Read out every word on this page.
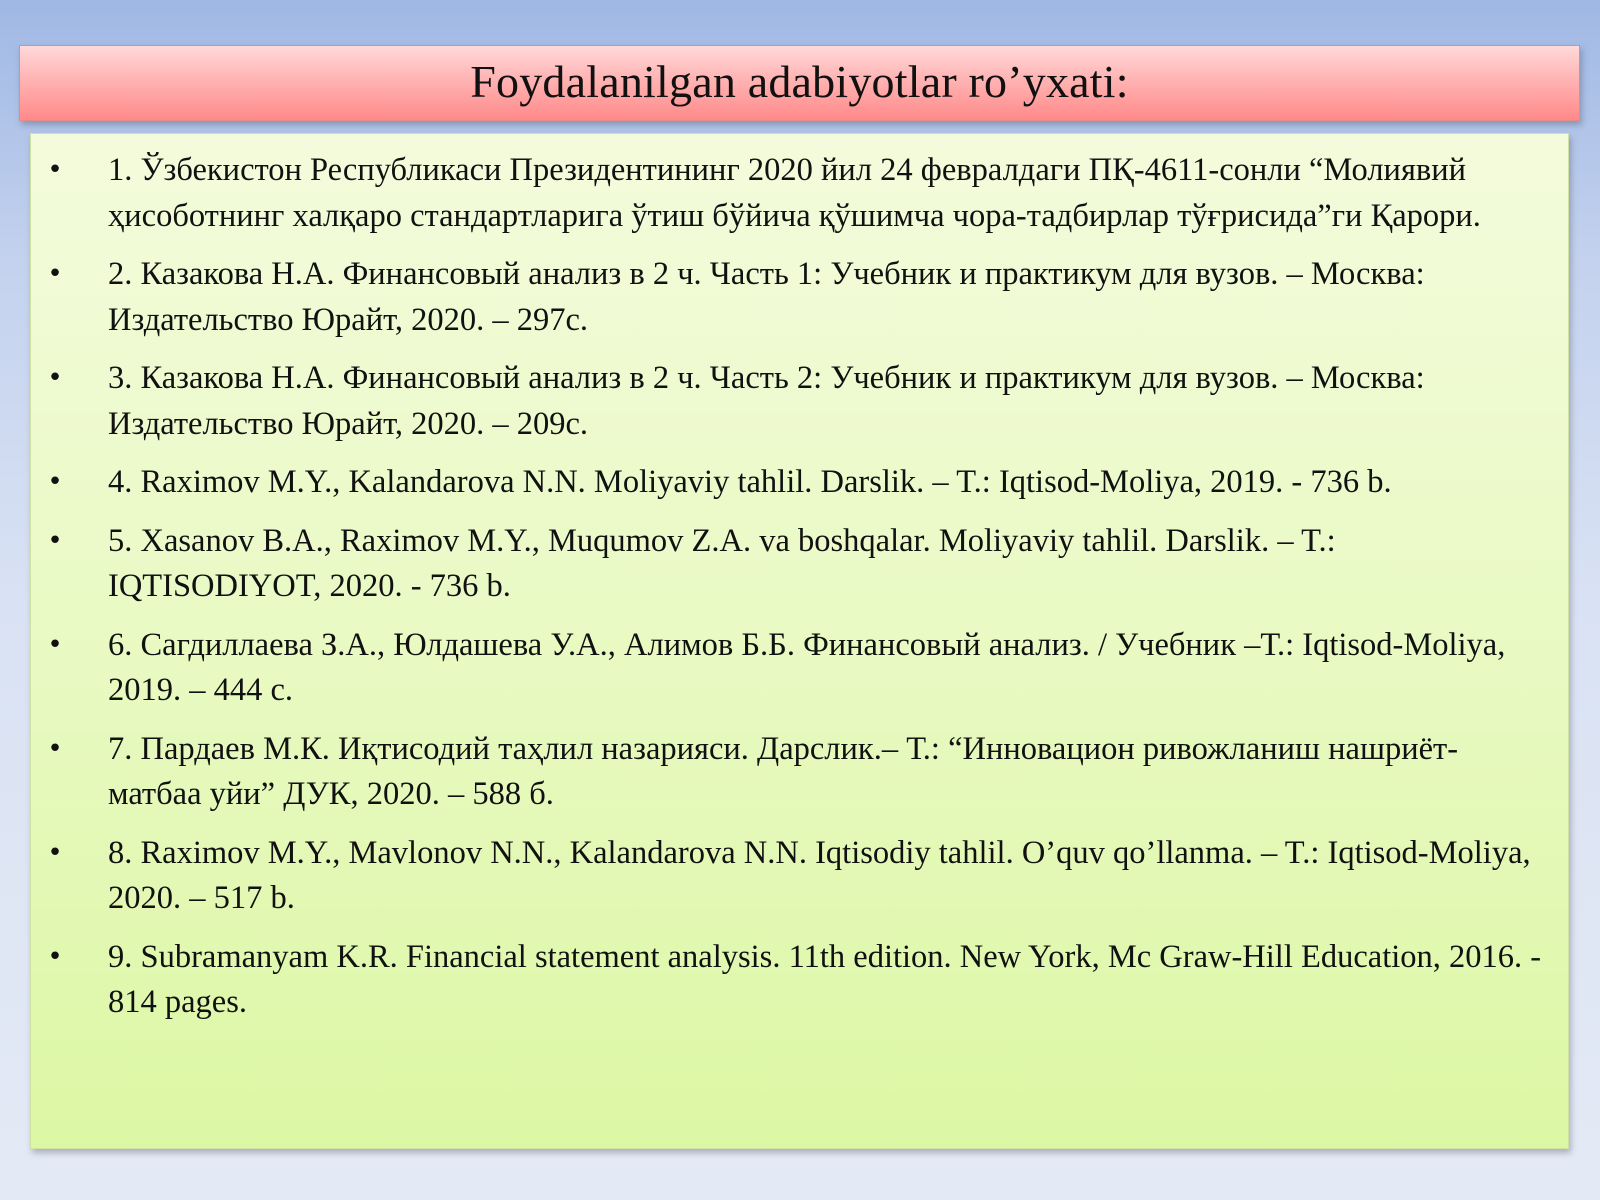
Foydalanilgan adabiyotlar ro’yxati:
• 1. Ўзбекистон Республикаси Президентининг 2020 йил 24 февралдаги ПҚ-4611-сонли “Молиявий ҳисоботнинг халқаро стандартларига ўтиш бўйича қўшимча чора-тадбирлар тўғрисида”ги Қарори.
• 2. Казакова Н.А. Финансовый анализ в 2 ч. Часть 1: Учебник и практикум для вузов. – Москва: Издательство Юрайт, 2020. – 297с.
• 3. Казакова Н.А. Финансовый анализ в 2 ч. Часть 2: Учебник и практикум для вузов. – Москва: Издательство Юрайт, 2020. – 209с.
• 4. Raximov M.Y., Kalandarova N.N. Moliyaviy tahlil. Darslik. – T.: Iqtisod-Moliya, 2019. - 736 b.
• 5. Xasanov B.A., Raximov M.Y., Muqumov Z.A. va boshqalar. Moliyaviy tahlil. Darslik. – T.: IQTISODIYOT, 2020. - 736 b.
• 6. Сагдиллаева З.А., Юлдашева У.А., Алимов Б.Б. Финансовый анализ. / Учебник –Т.: Iqtisod-Moliya, 2019. – 444 с.
• 7. Пардаев М.К. Иқтисодий таҳлил назарияси. Дарслик.– Т.: “Инновацион ривожланиш нашриёт-матбаа уйи” ДУК, 2020. – 588 б.
• 8. Raximov M.Y., Mavlonov N.N., Kalandarova N.N. Iqtisodiy tahlil. O’quv qo’llanma. – T.: Iqtisod-Moliya, 2020. – 517 b.
• 9. Subramanyam K.R. Financial statement analysis. 11th edition. New York, Mc Graw-Hill Education, 2016. - 814 pages.
